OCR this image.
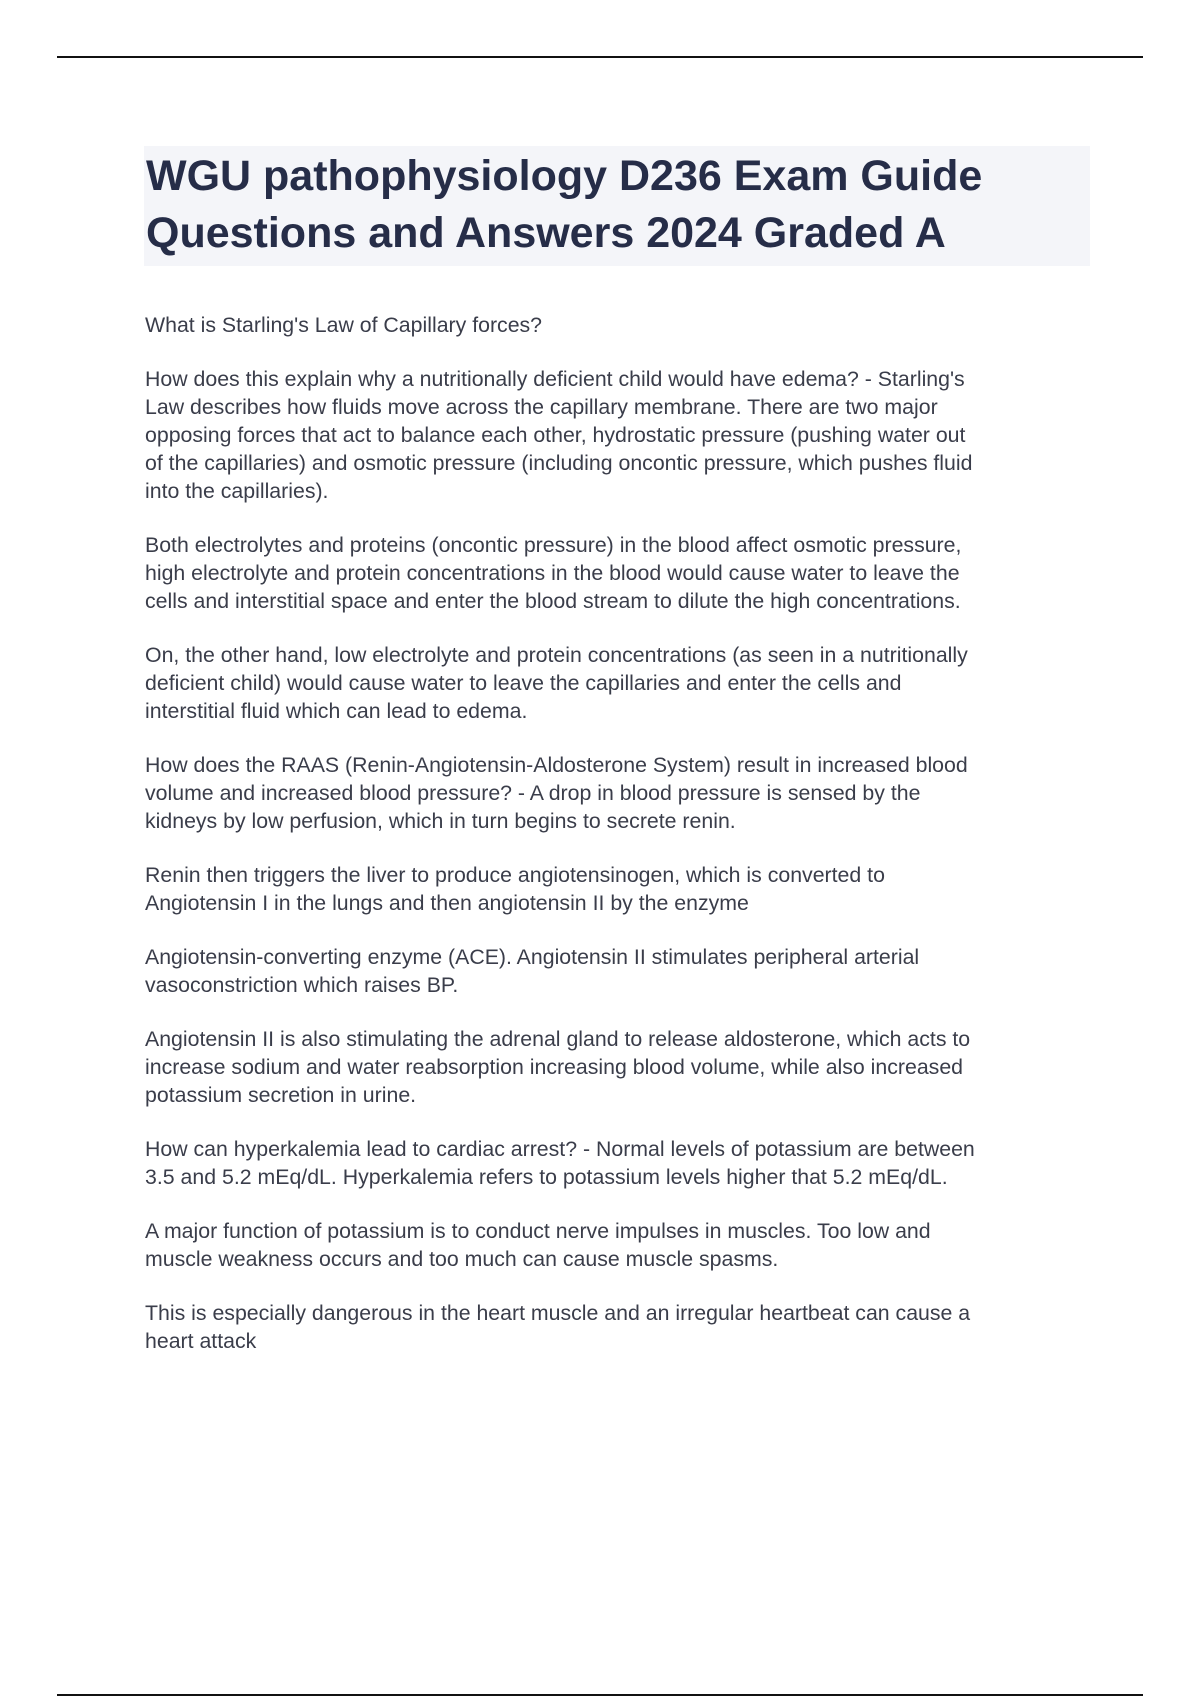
WGU pathophysiology D236 Exam Guide
Questions and Answers 2024 Graded A

What is Starling's Law of Capillary forces?

How does this explain why a nutritionally deficient child would have edema? - Starling's
Law describes how fluids move across the capillary membrane. There are two major
opposing forces that act to balance each other, hydrostatic pressure (pushing water out
of the capillaries) and osmotic pressure (including oncontic pressure, which pushes fluid
into the capillaries).

Both electrolytes and proteins (oncontic pressure) in the blood affect osmotic pressure,
high electrolyte and protein concentrations in the blood would cause water to leave the
cells and interstitial space and enter the blood stream to dilute the high concentrations.

On, the other hand, low electrolyte and protein concentrations (as seen in a nutritionally
deficient child) would cause water to leave the capillaries and enter the cells and
interstitial fluid which can lead to edema.

How does the RAAS (Renin-Angiotensin-Aldosterone System) result in increased blood
volume and increased blood pressure? - A drop in blood pressure is sensed by the
kidneys by low perfusion, which in turn begins to secrete renin.

Renin then triggers the liver to produce angiotensinogen, which is converted to
Angiotensin I in the lungs and then angiotensin II by the enzyme

Angiotensin-converting enzyme (ACE). Angiotensin II stimulates peripheral arterial
vasoconstriction which raises BP.

Angiotensin II is also stimulating the adrenal gland to release aldosterone, which acts to
increase sodium and water reabsorption increasing blood volume, while also increased
potassium secretion in urine.

How can hyperkalemia lead to cardiac arrest? - Normal levels of potassium are between
3.5 and 5.2 mEq/dL. Hyperkalemia refers to potassium levels higher that 5.2 mEq/dL.

A major function of potassium is to conduct nerve impulses in muscles. Too low and
muscle weakness occurs and too much can cause muscle spasms.

This is especially dangerous in the heart muscle and an irregular heartbeat can cause a
heart attack
